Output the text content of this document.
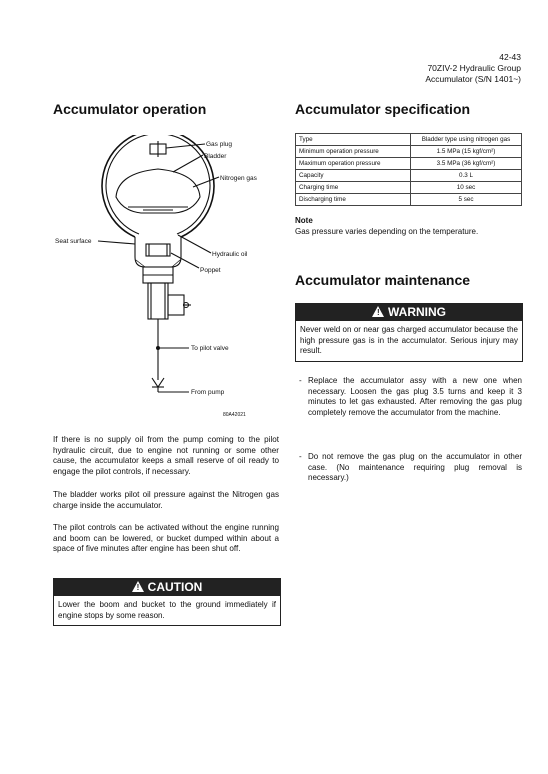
42-43
70ZIV-2 Hydraulic Group
Accumulator (S/N 1401~)
Accumulator operation	Accumulator specification
Accumulator maintenance
Gas plug
Bladder
Nitrogen gas
Seat surface
Hydraulic oil
Poppet
To pilot valve
From pump
80A42021

If there is no supply oil from the pump coming to the pilot hydraulic circuit, due to engine not running or some other cause, the accumulator keeps a small reserve of oil ready to engage the pilot controls, if necessary.

The bladder works pilot oil pressure against the Nitrogen gas charge inside the accumulator.

The pilot controls can be activated without the engine running and boom can be lowered, or bucket dumped within about a space of five minutes after engine has been shut off.

! CAUTION
Lower the boom and bucket to the ground immediately if engine stops by some reason.
Type	Bladder type using nitrogen gas
Minimum operation pressure	1.5 MPa (15 kgf/cm²)
Maximum operation pressure	3.5 MPa (36 kgf/cm²)
Capacity	0.3 L
Charging time	10 sec
Discharging time	5 sec
Note
Gas pressure varies depending on the temperature.
! WARNING
Never weld on or near gas charged accumulator because the high pressure gas is in the accumulator. Serious injury may result.
- Replace the accumulator assy with a new one when necessary. Loosen the gas plug 3.5 turns and keep it 3 minutes to let gas exhausted. After removing the gas plug completely remove the accumulator from the machine.
- Do not remove the gas plug on the accumulator in other case. (No maintenance requiring plug removal is necessary.)
